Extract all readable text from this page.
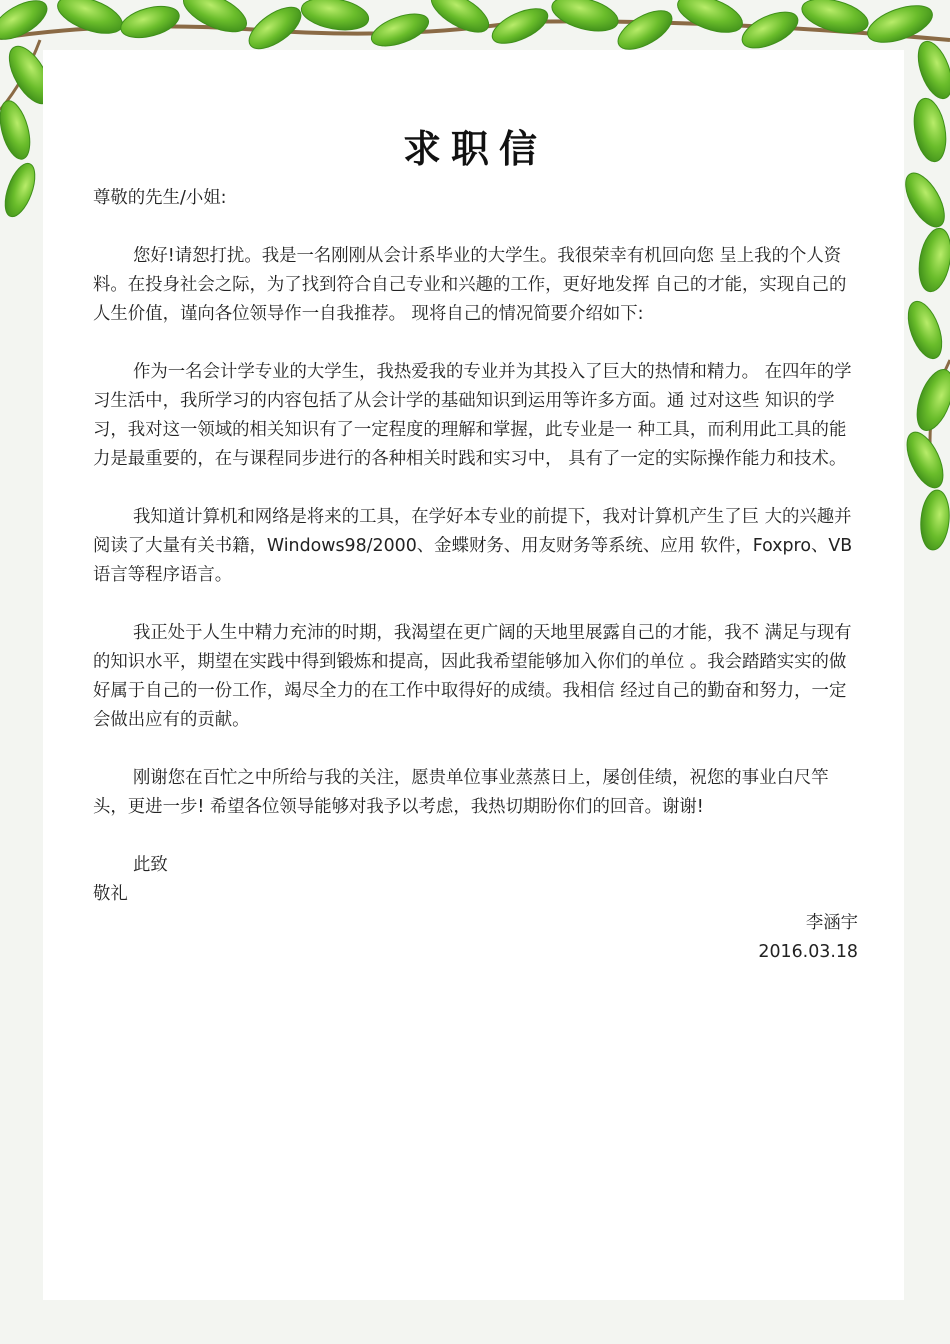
求职信

尊敬的先生/小姐:

您好!请恕打扰。我是一名刚刚从会计系毕业的大学生。我很荣幸有机回向您 呈上我的个人资料。在投身社会之际，为了找到符合自己专业和兴趣的工作，更好地发挥 自己的才能，实现自己的人生价值，谨向各位领导作一自我推荐。 现将自己的情况简要介绍如下:

作为一名会计学专业的大学生，我热爱我的专业并为其投入了巨大的热情和精力。 在四年的学习生活中，我所学习的内容包括了从会计学的基础知识到运用等许多方面。通 过对这些 知识的学习，我对这一领域的相关知识有了一定程度的理解和掌握，此专业是一 种工具，而利用此工具的能力是最重要的，在与课程同步进行的各种相关时践和实习中， 具有了一定的实际操作能力和技术。

我知道计算机和网络是将来的工具，在学好本专业的前提下，我对计算机产生了巨 大的兴趣并阅读了大量有关书籍，Windows98/2000、金蝶财务、用友财务等系统、应用 软件，Foxpro、VB 语言等程序语言。

我正处于人生中精力充沛的时期，我渴望在更广阔的天地里展露自己的才能，我不 满足与现有的知识水平，期望在实践中得到锻炼和提高，因此我希望能够加入你们的单位 。我会踏踏实实的做好属于自己的一份工作，竭尽全力的在工作中取得好的成绩。我相信 经过自己的勤奋和努力，一定会做出应有的贡献。

刚谢您在百忙之中所给与我的关注，愿贵单位事业蒸蒸日上，屡创佳绩，祝您的事业白尺竿头，更进一步! 希望各位领导能够对我予以考虑，我热切期盼你们的回音。谢谢!

此致

敬礼

李涵宇

2016.03.18
